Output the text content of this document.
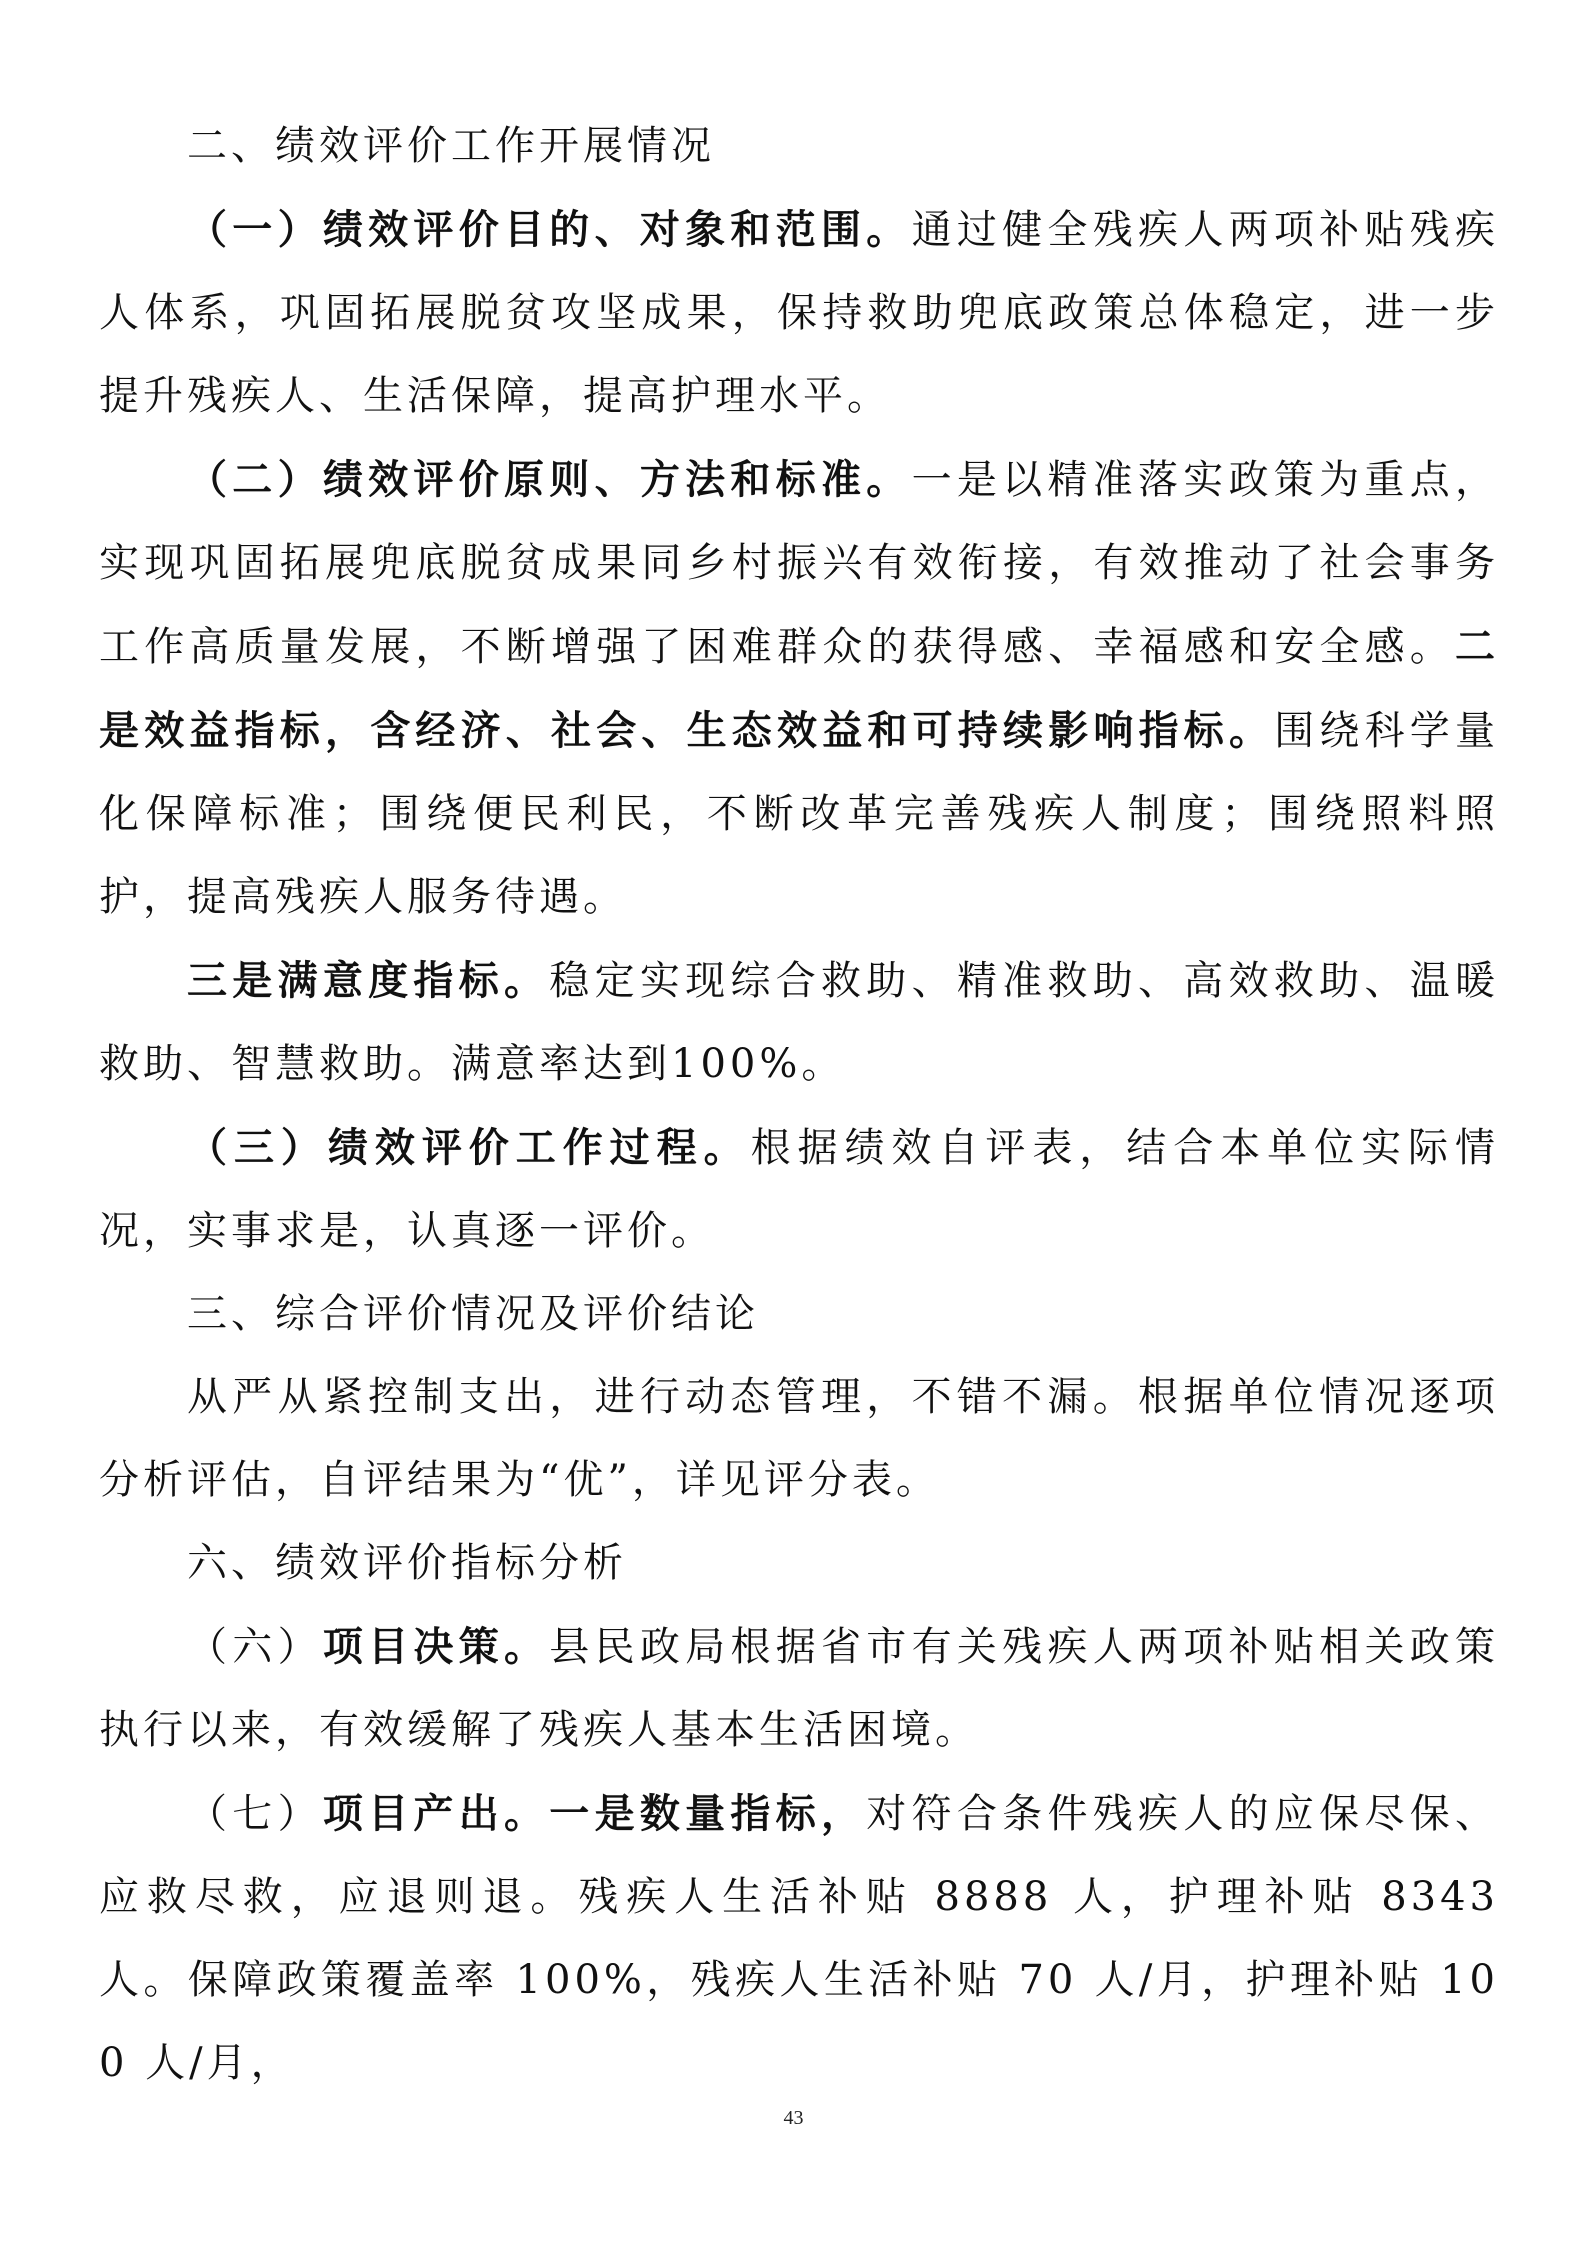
二、绩效评价工作开展情况

（一）绩效评价目的、对象和范围。通过健全残疾人两项补贴残疾人体系，巩固拓展脱贫攻坚成果，保持救助兜底政策总体稳定，进一步提升残疾人、生活保障，提高护理水平。

（二）绩效评价原则、方法和标准。一是以精准落实政策为重点，实现巩固拓展兜底脱贫成果同乡村振兴有效衔接，有效推动了社会事务工作高质量发展，不断增强了困难群众的获得感、幸福感和安全感。二是效益指标，含经济、社会、生态效益和可持续影响指标。围绕科学量化保障标准；围绕便民利民，不断改革完善残疾人制度；围绕照料照护，提高残疾人服务待遇。

三是满意度指标。稳定实现综合救助、精准救助、高效救助、温暖救助、智慧救助。满意率达到100%。

（三）绩效评价工作过程。根据绩效自评表，结合本单位实际情况，实事求是，认真逐一评价。

三、综合评价情况及评价结论

从严从紧控制支出，进行动态管理，不错不漏。根据单位情况逐项分析评估，自评结果为“优”，详见评分表。

六、绩效评价指标分析

（六）项目决策。县民政局根据省市有关残疾人两项补贴相关政策执行以来，有效缓解了残疾人基本生活困境。

（七）项目产出。一是数量指标，对符合条件残疾人的应保尽保、应救尽救，应退则退。残疾人生活补贴 8888 人，护理补贴 8343 人。保障政策覆盖率 100%，残疾人生活补贴 70 人/月，护理补贴 100 人/月，

43
